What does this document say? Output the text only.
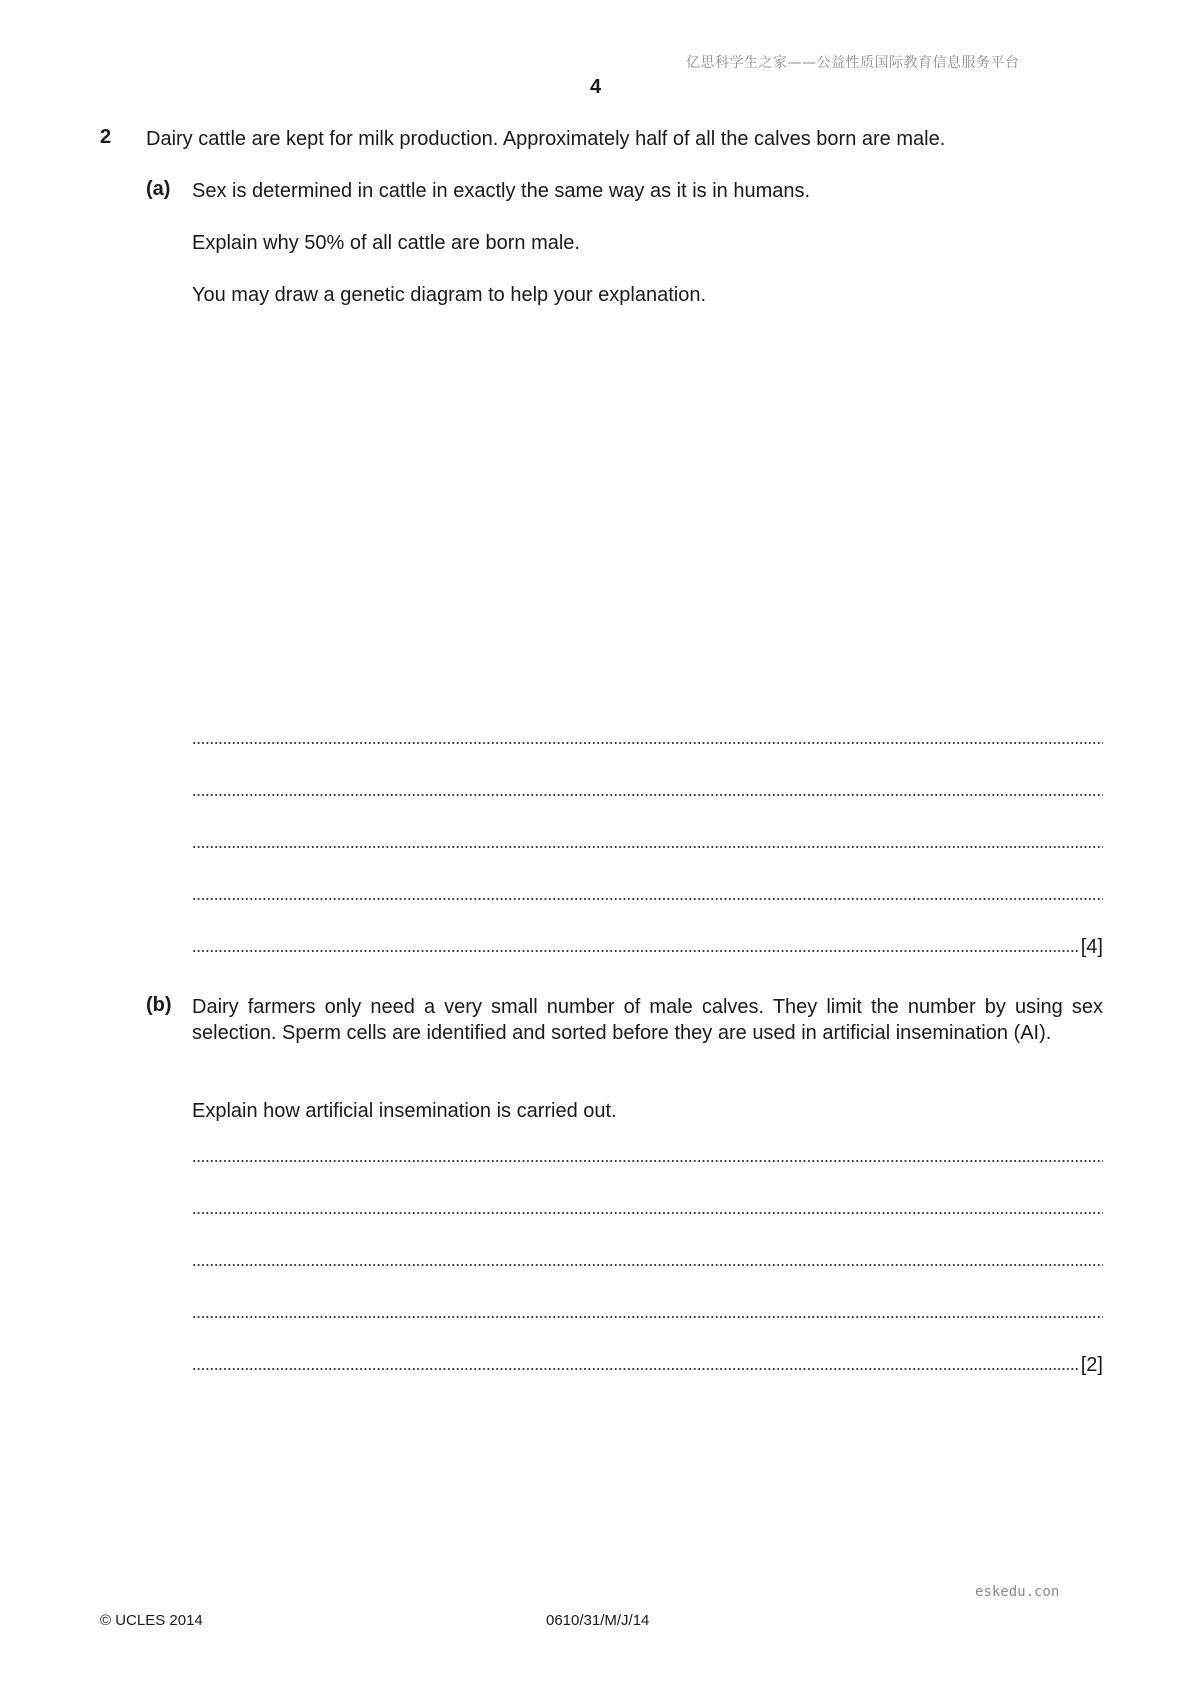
亿思科学生之家——公益性质国际教育信息服务平台
4
2 Dairy cattle are kept for milk production. Approximately half of all the calves born are male.
(a) Sex is determined in cattle in exactly the same way as it is in humans.
Explain why 50% of all cattle are born male.
You may draw a genetic diagram to help your explanation.
[4]
(b) Dairy farmers only need a very small number of male calves. They limit the number by using sex selection. Sperm cells are identified and sorted before they are used in artificial insemination (AI).
Explain how artificial insemination is carried out.
[2]
eskedu.con
© UCLES 2014	0610/31/M/J/14
